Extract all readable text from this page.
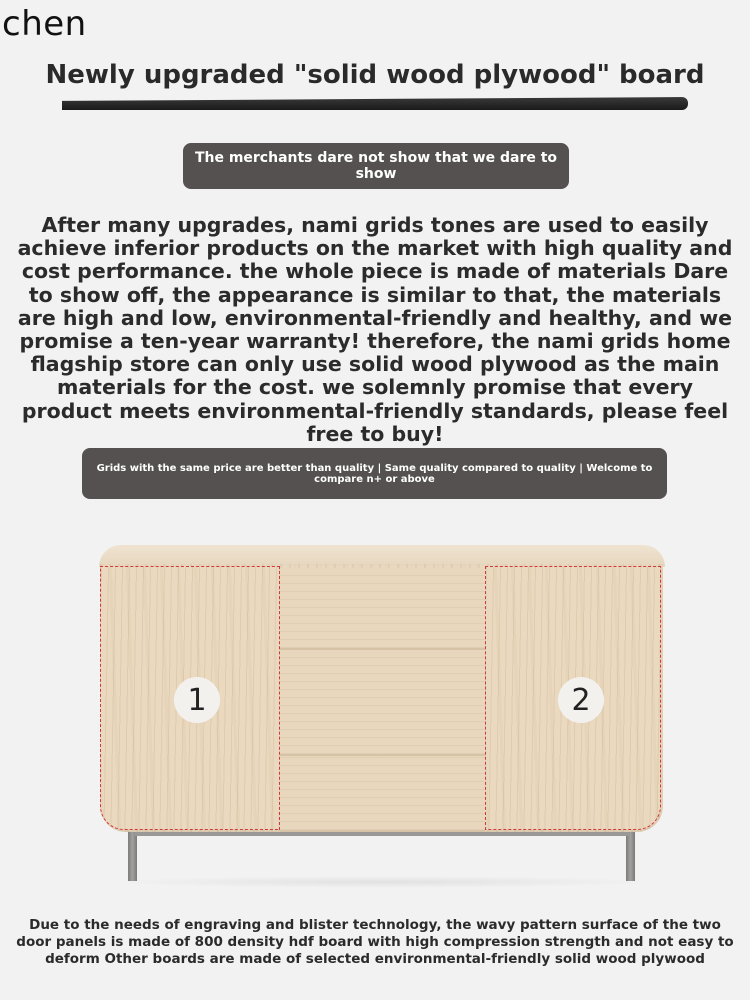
chen
Newly upgraded "solid wood plywood" board
The merchants dare not show that we dare to show
After many upgrades, nami grids tones are used to easily achieve inferior products on the market with high quality and cost performance. the whole piece is made of materials Dare to show off, the appearance is similar to that, the materials are high and low, environmental-friendly and healthy, and we promise a ten-year warranty! therefore, the nami grids home flagship store can only use solid wood plywood as the main materials for the cost. we solemnly promise that every product meets environmental-friendly standards, please feel free to buy!
Grids with the same price are better than quality | Same quality compared to quality | Welcome to compare n+ or above
1	2
Due to the needs of engraving and blister technology, the wavy pattern surface of the two door panels is made of 800 density hdf board with high compression strength and not easy to deform Other boards are made of selected environmental-friendly solid wood plywood
